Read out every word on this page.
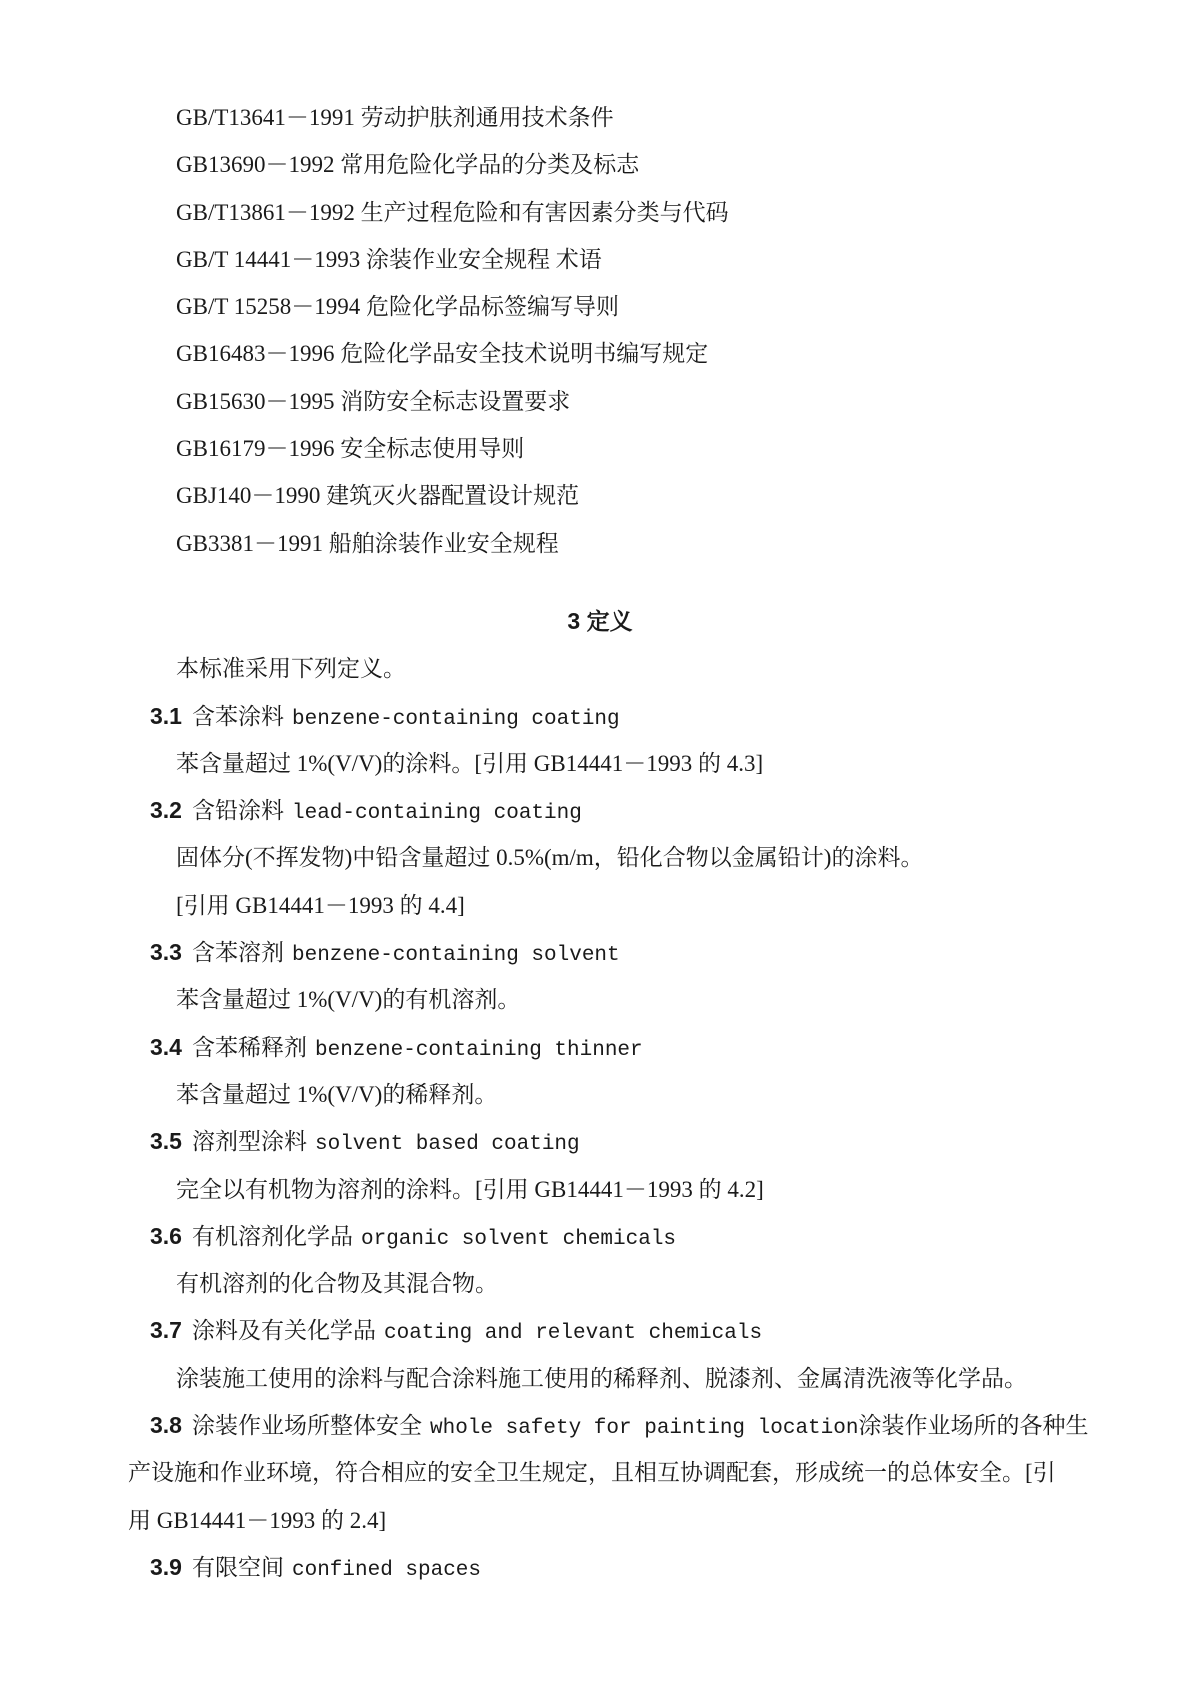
GB/T13641－1991 劳动护肤剂通用技术条件
GB13690－1992 常用危险化学品的分类及标志
GB/T13861－1992 生产过程危险和有害因素分类与代码
GB/T 14441－1993 涂装作业安全规程 术语
GB/T 15258－1994 危险化学品标签编写导则
GB16483－1996 危险化学品安全技术说明书编写规定
GB15630－1995 消防安全标志设置要求
GB16179－1996 安全标志使用导则
GBJ140－1990 建筑灭火器配置设计规范
GB3381－1991 船舶涂装作业安全规程
3 定义
本标准采用下列定义。
3.1 含苯涂料 benzene-containing coating
苯含量超过 1%(V/V)的涂料。[引用 GB14441－1993 的 4.3]
3.2 含铅涂料 lead-containing coating
固体分(不挥发物)中铅含量超过 0.5%(m/m，铅化合物以金属铅计)的涂料。
[引用 GB14441－1993 的 4.4]
3.3 含苯溶剂 benzene-containing solvent
苯含量超过 1%(V/V)的有机溶剂。
3.4 含苯稀释剂 benzene-containing thinner
苯含量超过 1%(V/V)的稀释剂。
3.5 溶剂型涂料 solvent based coating
完全以有机物为溶剂的涂料。[引用 GB14441－1993 的 4.2]
3.6 有机溶剂化学品 organic solvent chemicals
有机溶剂的化合物及其混合物。
3.7 涂料及有关化学品 coating and relevant chemicals
涂装施工使用的涂料与配合涂料施工使用的稀释剂、脱漆剂、金属清洗液等化学品。
3.8 涂装作业场所整体安全 whole safety for painting location涂装作业场所的各种生
产设施和作业环境，符合相应的安全卫生规定，且相互协调配套，形成统一的总体安全。[引
用 GB14441－1993 的 2.4]
3.9 有限空间 confined spaces
